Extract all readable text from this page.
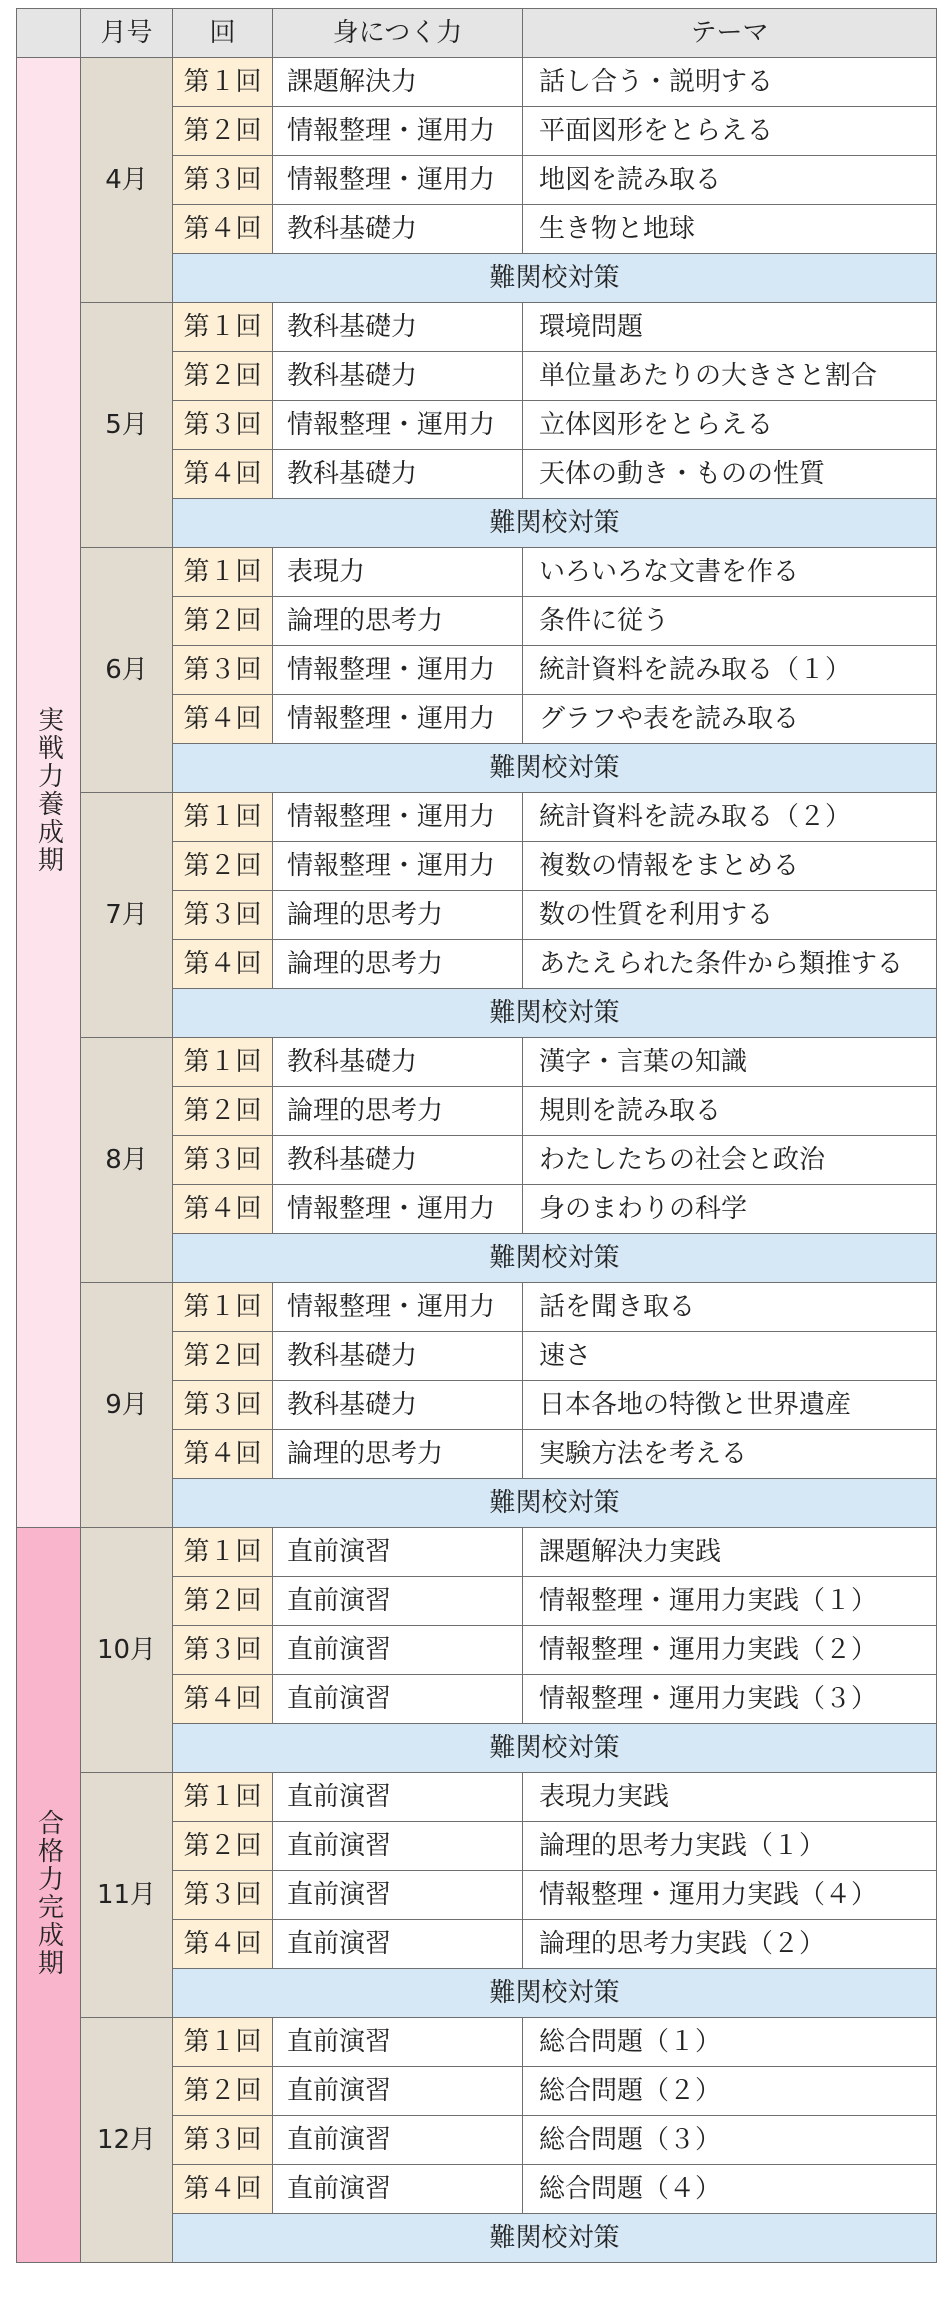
	月号	回	身につく力	テーマ
実戦力養成期	4月	第１回	課題解決力	話し合う・説明する
		第２回	情報整理・運用力	平面図形をとらえる
		第３回	情報整理・運用力	地図を読み取る
		第４回	教科基礎力	生き物と地球
		難関校対策		
	5月	第１回	教科基礎力	環境問題
		第２回	教科基礎力	単位量あたりの大きさと割合
		第３回	情報整理・運用力	立体図形をとらえる
		第４回	教科基礎力	天体の動き・ものの性質
		難関校対策		
	6月	第１回	表現力	いろいろな文書を作る
		第２回	論理的思考力	条件に従う
		第３回	情報整理・運用力	統計資料を読み取る（１）
		第４回	情報整理・運用力	グラフや表を読み取る
		難関校対策		
	7月	第１回	情報整理・運用力	統計資料を読み取る（２）
		第２回	情報整理・運用力	複数の情報をまとめる
		第３回	論理的思考力	数の性質を利用する
		第４回	論理的思考力	あたえられた条件から類推する
		難関校対策		
	8月	第１回	教科基礎力	漢字・言葉の知識
		第２回	論理的思考力	規則を読み取る
		第３回	教科基礎力	わたしたちの社会と政治
		第４回	情報整理・運用力	身のまわりの科学
		難関校対策		
	9月	第１回	情報整理・運用力	話を聞き取る
		第２回	教科基礎力	速さ
		第３回	教科基礎力	日本各地の特徴と世界遺産
		第４回	論理的思考力	実験方法を考える
		難関校対策		
合格力完成期	10月	第１回	直前演習	課題解決力実践
		第２回	直前演習	情報整理・運用力実践（１）
		第３回	直前演習	情報整理・運用力実践（２）
		第４回	直前演習	情報整理・運用力実践（３）
		難関校対策		
	11月	第１回	直前演習	表現力実践
		第２回	直前演習	論理的思考力実践（１）
		第３回	直前演習	情報整理・運用力実践（４）
		第４回	直前演習	論理的思考力実践（２）
		難関校対策		
	12月	第１回	直前演習	総合問題（１）
		第２回	直前演習	総合問題（２）
		第３回	直前演習	総合問題（３）
		第４回	直前演習	総合問題（４）
		難関校対策		
